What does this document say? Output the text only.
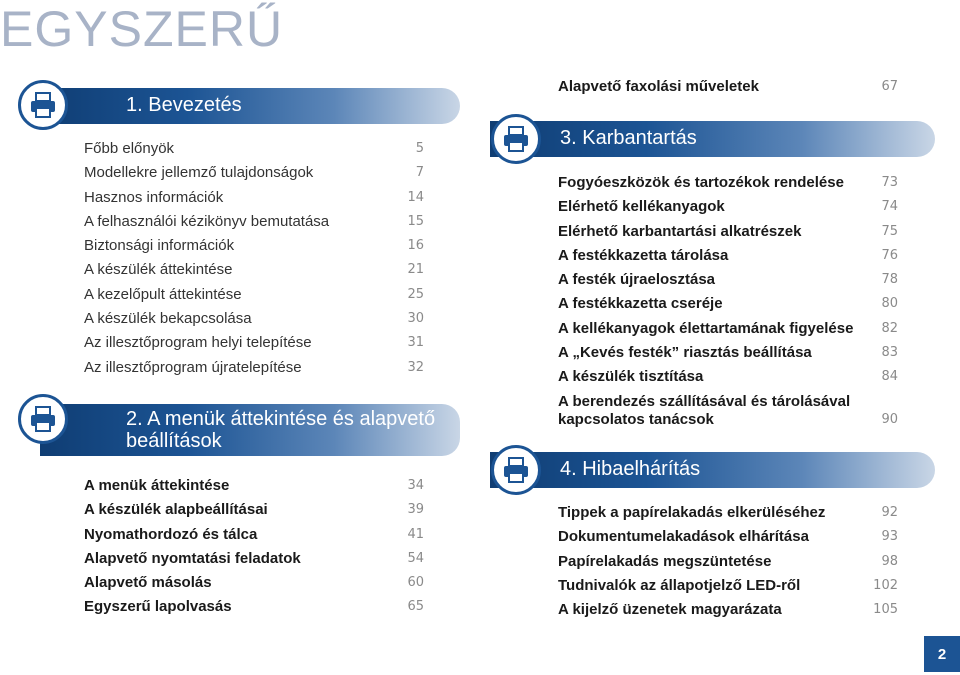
EGYSZERŰ
1. Bevezetés
Főbb előnyök	5
Modellekre jellemző tulajdonságok	7
Hasznos információk	14
A felhasználói kézikönyv bemutatása	15
Biztonsági információk	16
A készülék áttekintése	21
A kezelőpult áttekintése	25
A készülék bekapcsolása	30
Az illesztőprogram helyi telepítése	31
Az illesztőprogram újratelepítése	32
2. A menük áttekintése és alapvető
beállítások
A menük áttekintése	34
A készülék alapbeállításai	39
Nyomathordozó és tálca	41
Alapvető nyomtatási feladatok	54
Alapvető másolás	60
Egyszerű lapolvasás	65
Alapvető faxolási műveletek	67
3. Karbantartás
Fogyóeszközök és tartozékok rendelése	73
Elérhető kellékanyagok	74
Elérhető karbantartási alkatrészek	75
A festékkazetta tárolása	76
A festék újraelosztása	78
A festékkazetta cseréje	80
A kellékanyagok élettartamának figyelése 82
A „Kevés festék” riasztás beállítása	83
A készülék tisztítása	84
A berendezés szállításával és tárolásával
kapcsolatos tanácsok	90
4. Hibaelhárítás
Tippek a papírelakadás elkerüléséhez	92
Dokumentumelakadások elhárítása	93
Papírelakadás megszüntetése	98
Tudnivalók az állapotjelző LED-ről	102
A kijelző üzenetek magyarázata	105
2
